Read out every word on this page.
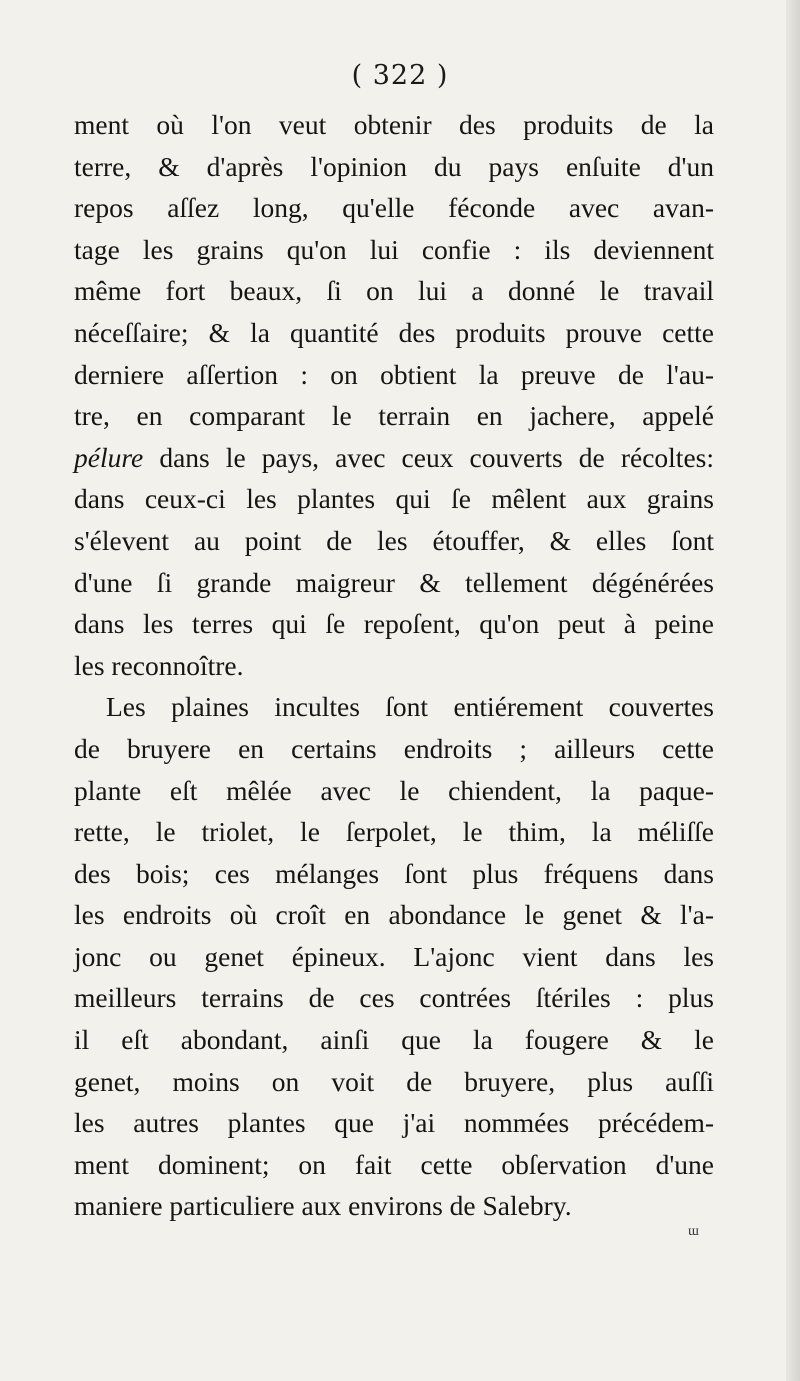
( 322 )
ment où l'on veut obtenir des produits de la
terre, & d'après l'opinion du pays enſuite d'un
repos aſſez long, qu'elle féconde avec avan-
tage les grains qu'on lui confie : ils deviennent
même fort beaux, ſi on lui a donné le travail
néceſſaire; & la quantité des produits prouve cette
derniere aſſertion : on obtient la preuve de l'au-
tre, en comparant le terrain en jachere, appelé
pélure dans le pays, avec ceux couverts de récoltes:
dans ceux-ci les plantes qui ſe mêlent aux grains
s'élevent au point de les étouffer, & elles ſont
d'une ſi grande maigreur & tellement dégénérées
dans les terres qui ſe repoſent, qu'on peut à peine
les reconnoître.
Les plaines incultes ſont entiérement couvertes
de bruyere en certains endroits ; ailleurs cette
plante eſt mêlée avec le chiendent, la paque-
rette, le triolet, le ſerpolet, le thim, la méliſſe
des bois; ces mélanges ſont plus fréquens dans
les endroits où croît en abondance le genet & l'a-
jonc ou genet épineux. L'ajonc vient dans les
meilleurs terrains de ces contrées ſtériles : plus
il eſt abondant, ainſi que la fougere & le
genet, moins on voit de bruyere, plus auſſi
les autres plantes que j'ai nommées précédem-
ment dominent; on fait cette obſervation d'une
maniere particuliere aux environs de Salebry.
ɯ
